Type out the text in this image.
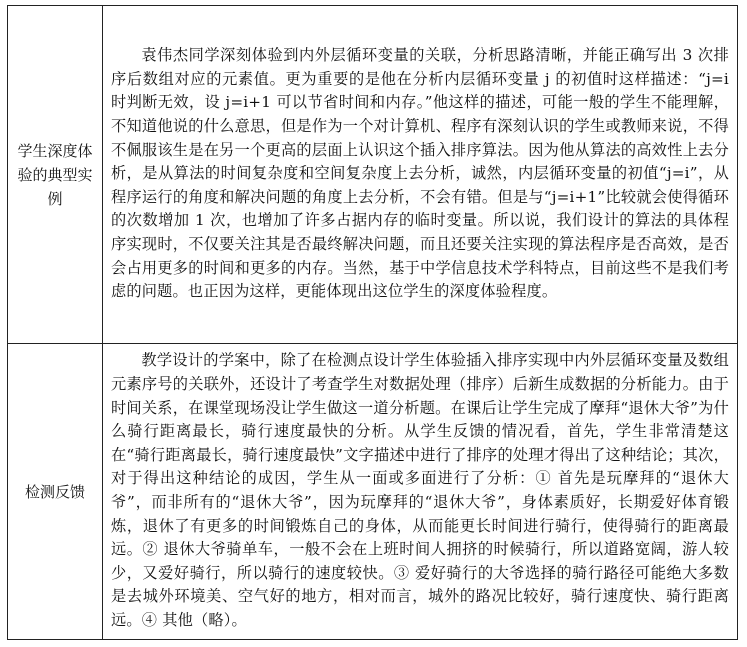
学生深度体验的典型实例	袁伟杰同学深刻体验到内外层循环变量的关联，分析思路清晰，并能正确写出 3 次排序后数组对应的元素值。更为重要的是他在分析内层循环变量 j 的初值时这样描述：“j=i 时判断无效，设 j=i+1 可以节省时间和内存。”他这样的描述，可能一般的学生不能理解，不知道他说的什么意思，但是作为一个对计算机、程序有深刻认识的学生或教师来说，不得不佩服该生是在另一个更高的层面上认识这个插入排序算法。因为他从算法的高效性上去分析，是从算法的时间复杂度和空间复杂度上去分析，诚然，内层循环变量的初值“j=i”，从程序运行的角度和解决问题的角度上去分析，不会有错。但是与“j=i+1”比较就会使得循环的次数增加 1 次，也增加了许多占据内存的临时变量。所以说，我们设计的算法的具体程序实现时，不仅要关注其是否最终解决问题，而且还要关注实现的算法程序是否高效，是否会占用更多的时间和更多的内存。当然，基于中学信息技术学科特点，目前这些不是我们考虑的问题。也正因为这样，更能体现出这位学生的深度体验程度。
检测反馈	教学设计的学案中，除了在检测点设计学生体验插入排序实现中内外层循环变量及数组元素序号的关联外，还设计了考查学生对数据处理（排序）后新生成数据的分析能力。由于时间关系，在课堂现场没让学生做这一道分析题。在课后让学生完成了摩拜“退休大爷”为什么骑行距离最长，骑行速度最快的分析。从学生反馈的情况看，首先，学生非常清楚这在“骑行距离最长，骑行速度最快”文字描述中进行了排序的处理才得出了这种结论；其次，对于得出这种结论的成因，学生从一面或多面进行了分析：① 首先是玩摩拜的“退休大爷”，而非所有的“退休大爷”，因为玩摩拜的“退休大爷”，身体素质好，长期爱好体育锻炼，退休了有更多的时间锻炼自己的身体，从而能更长时间进行骑行，使得骑行的距离最远。② 退休大爷骑单车，一般不会在上班时间人拥挤的时候骑行，所以道路宽阔，游人较少，又爱好骑行，所以骑行的速度较快。③ 爱好骑行的大爷选择的骑行路径可能绝大多数是去城外环境美、空气好的地方，相对而言，城外的路况比较好，骑行速度快、骑行距离远。④ 其他（略）。
